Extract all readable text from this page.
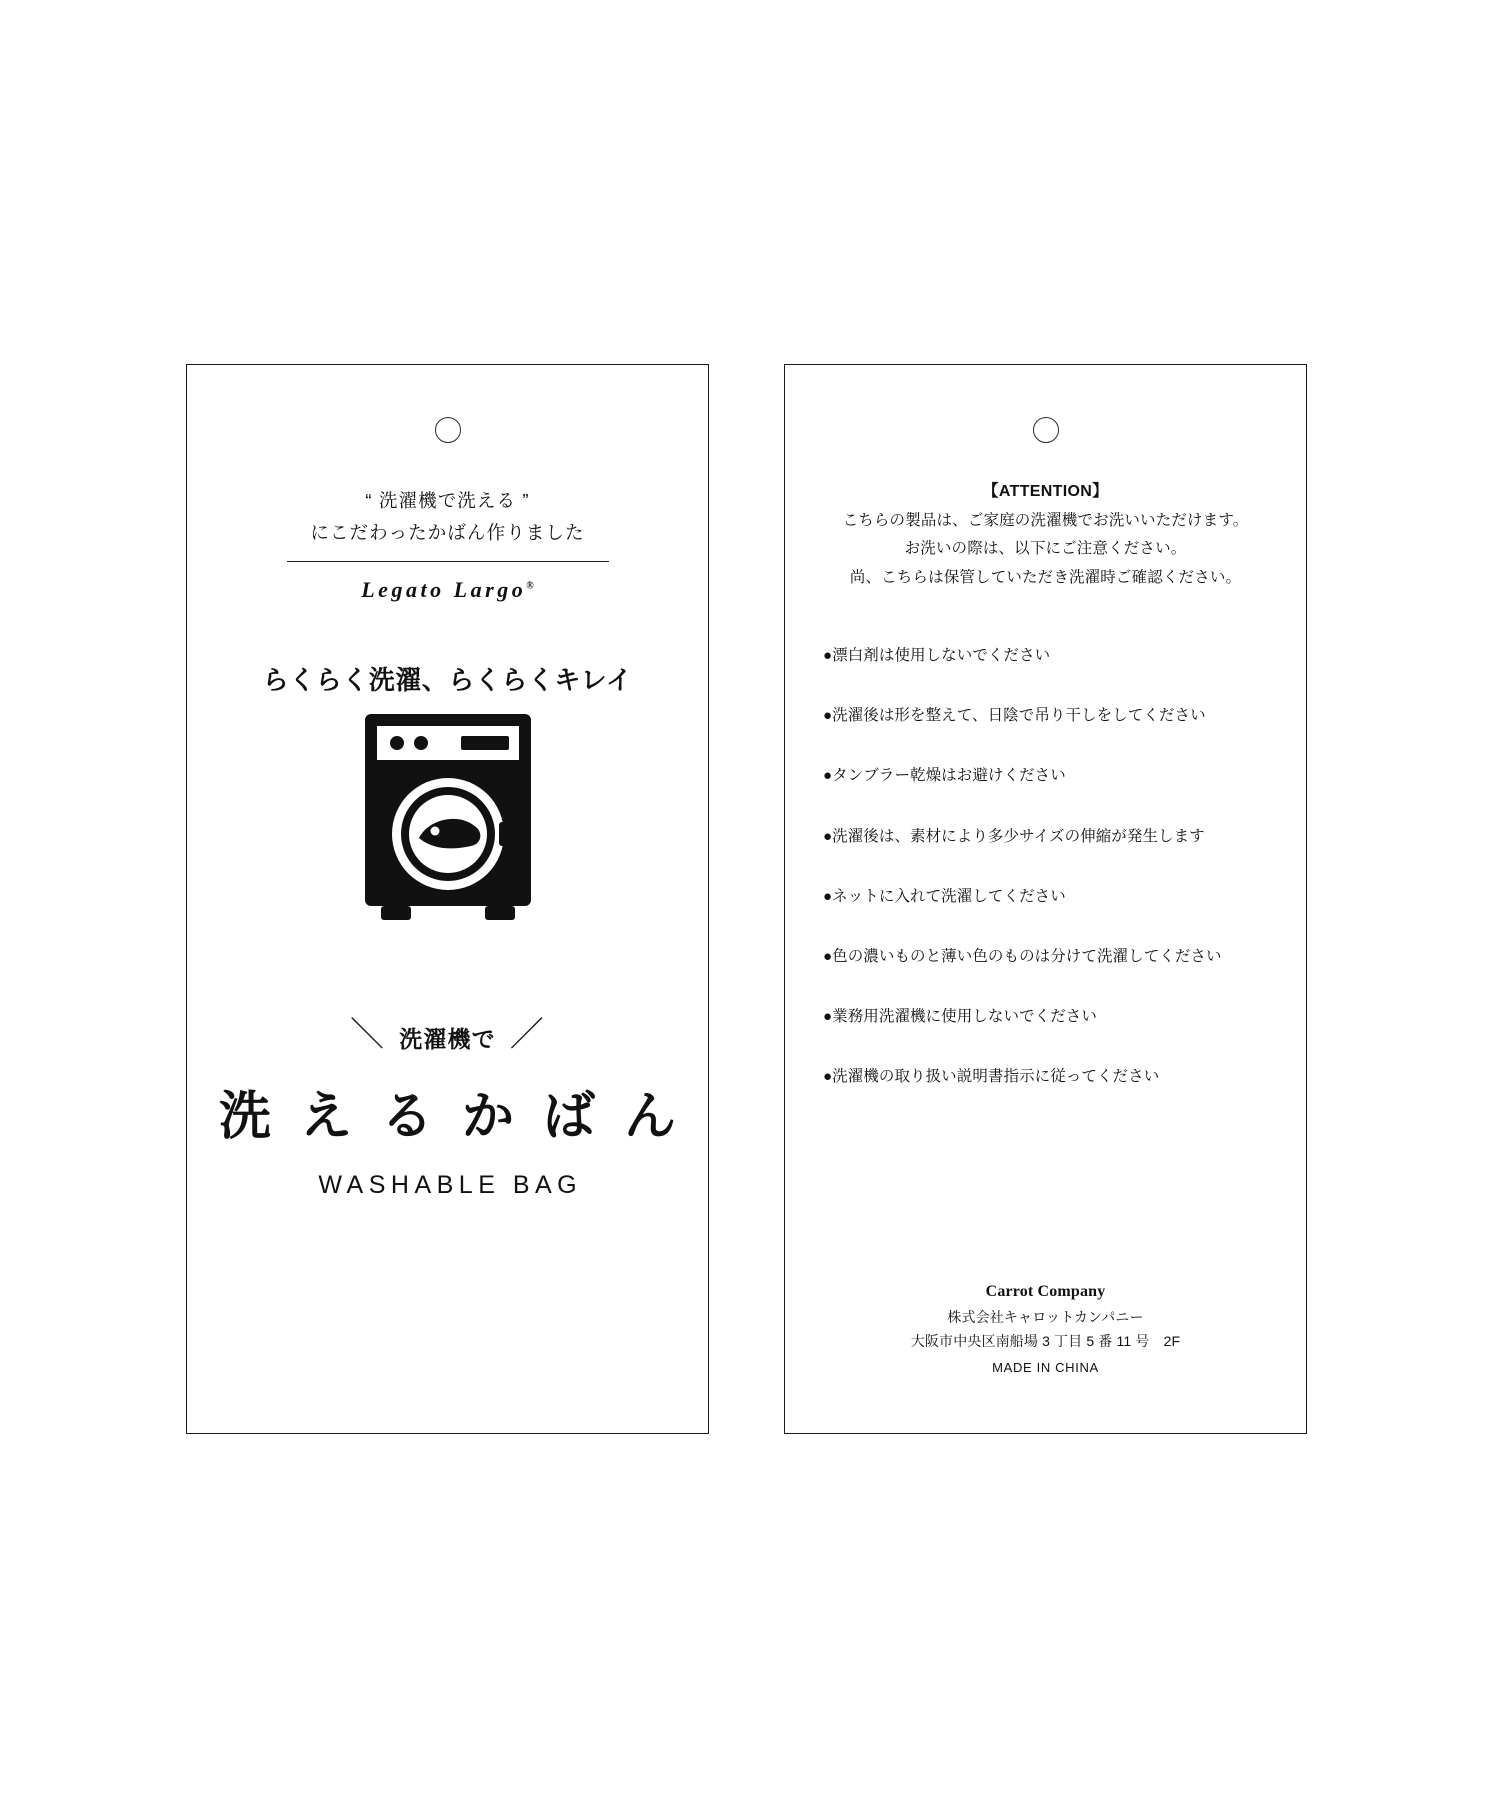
“ 洗濯機で洗える ”
にこだわったかばん作りました
Legato Largo®
らくらく洗濯、らくらくキレイ
＼ 洗濯機で ／
洗 え る か ば ん
WASHABLE BAG
【ATTENTION】
こちらの製品は、ご家庭の洗濯機でお洗いいただけます。
お洗いの際は、以下にご注意ください。
尚、こちらは保管していただき洗濯時ご確認ください。
●漂白剤は使用しないでください
●洗濯後は形を整えて、日陰で吊り干しをしてください
●タンブラー乾燥はお避けください
●洗濯後は、素材により多少サイズの伸縮が発生します
●ネットに入れて洗濯してください
●色の濃いものと薄い色のものは分けて洗濯してください
●業務用洗濯機に使用しないでください
●洗濯機の取り扱い説明書指示に従ってください
Carrot Company
株式会社キャロットカンパニー
大阪市中央区南船場 3 丁目 5 番 11 号　2F
MADE IN CHINA
